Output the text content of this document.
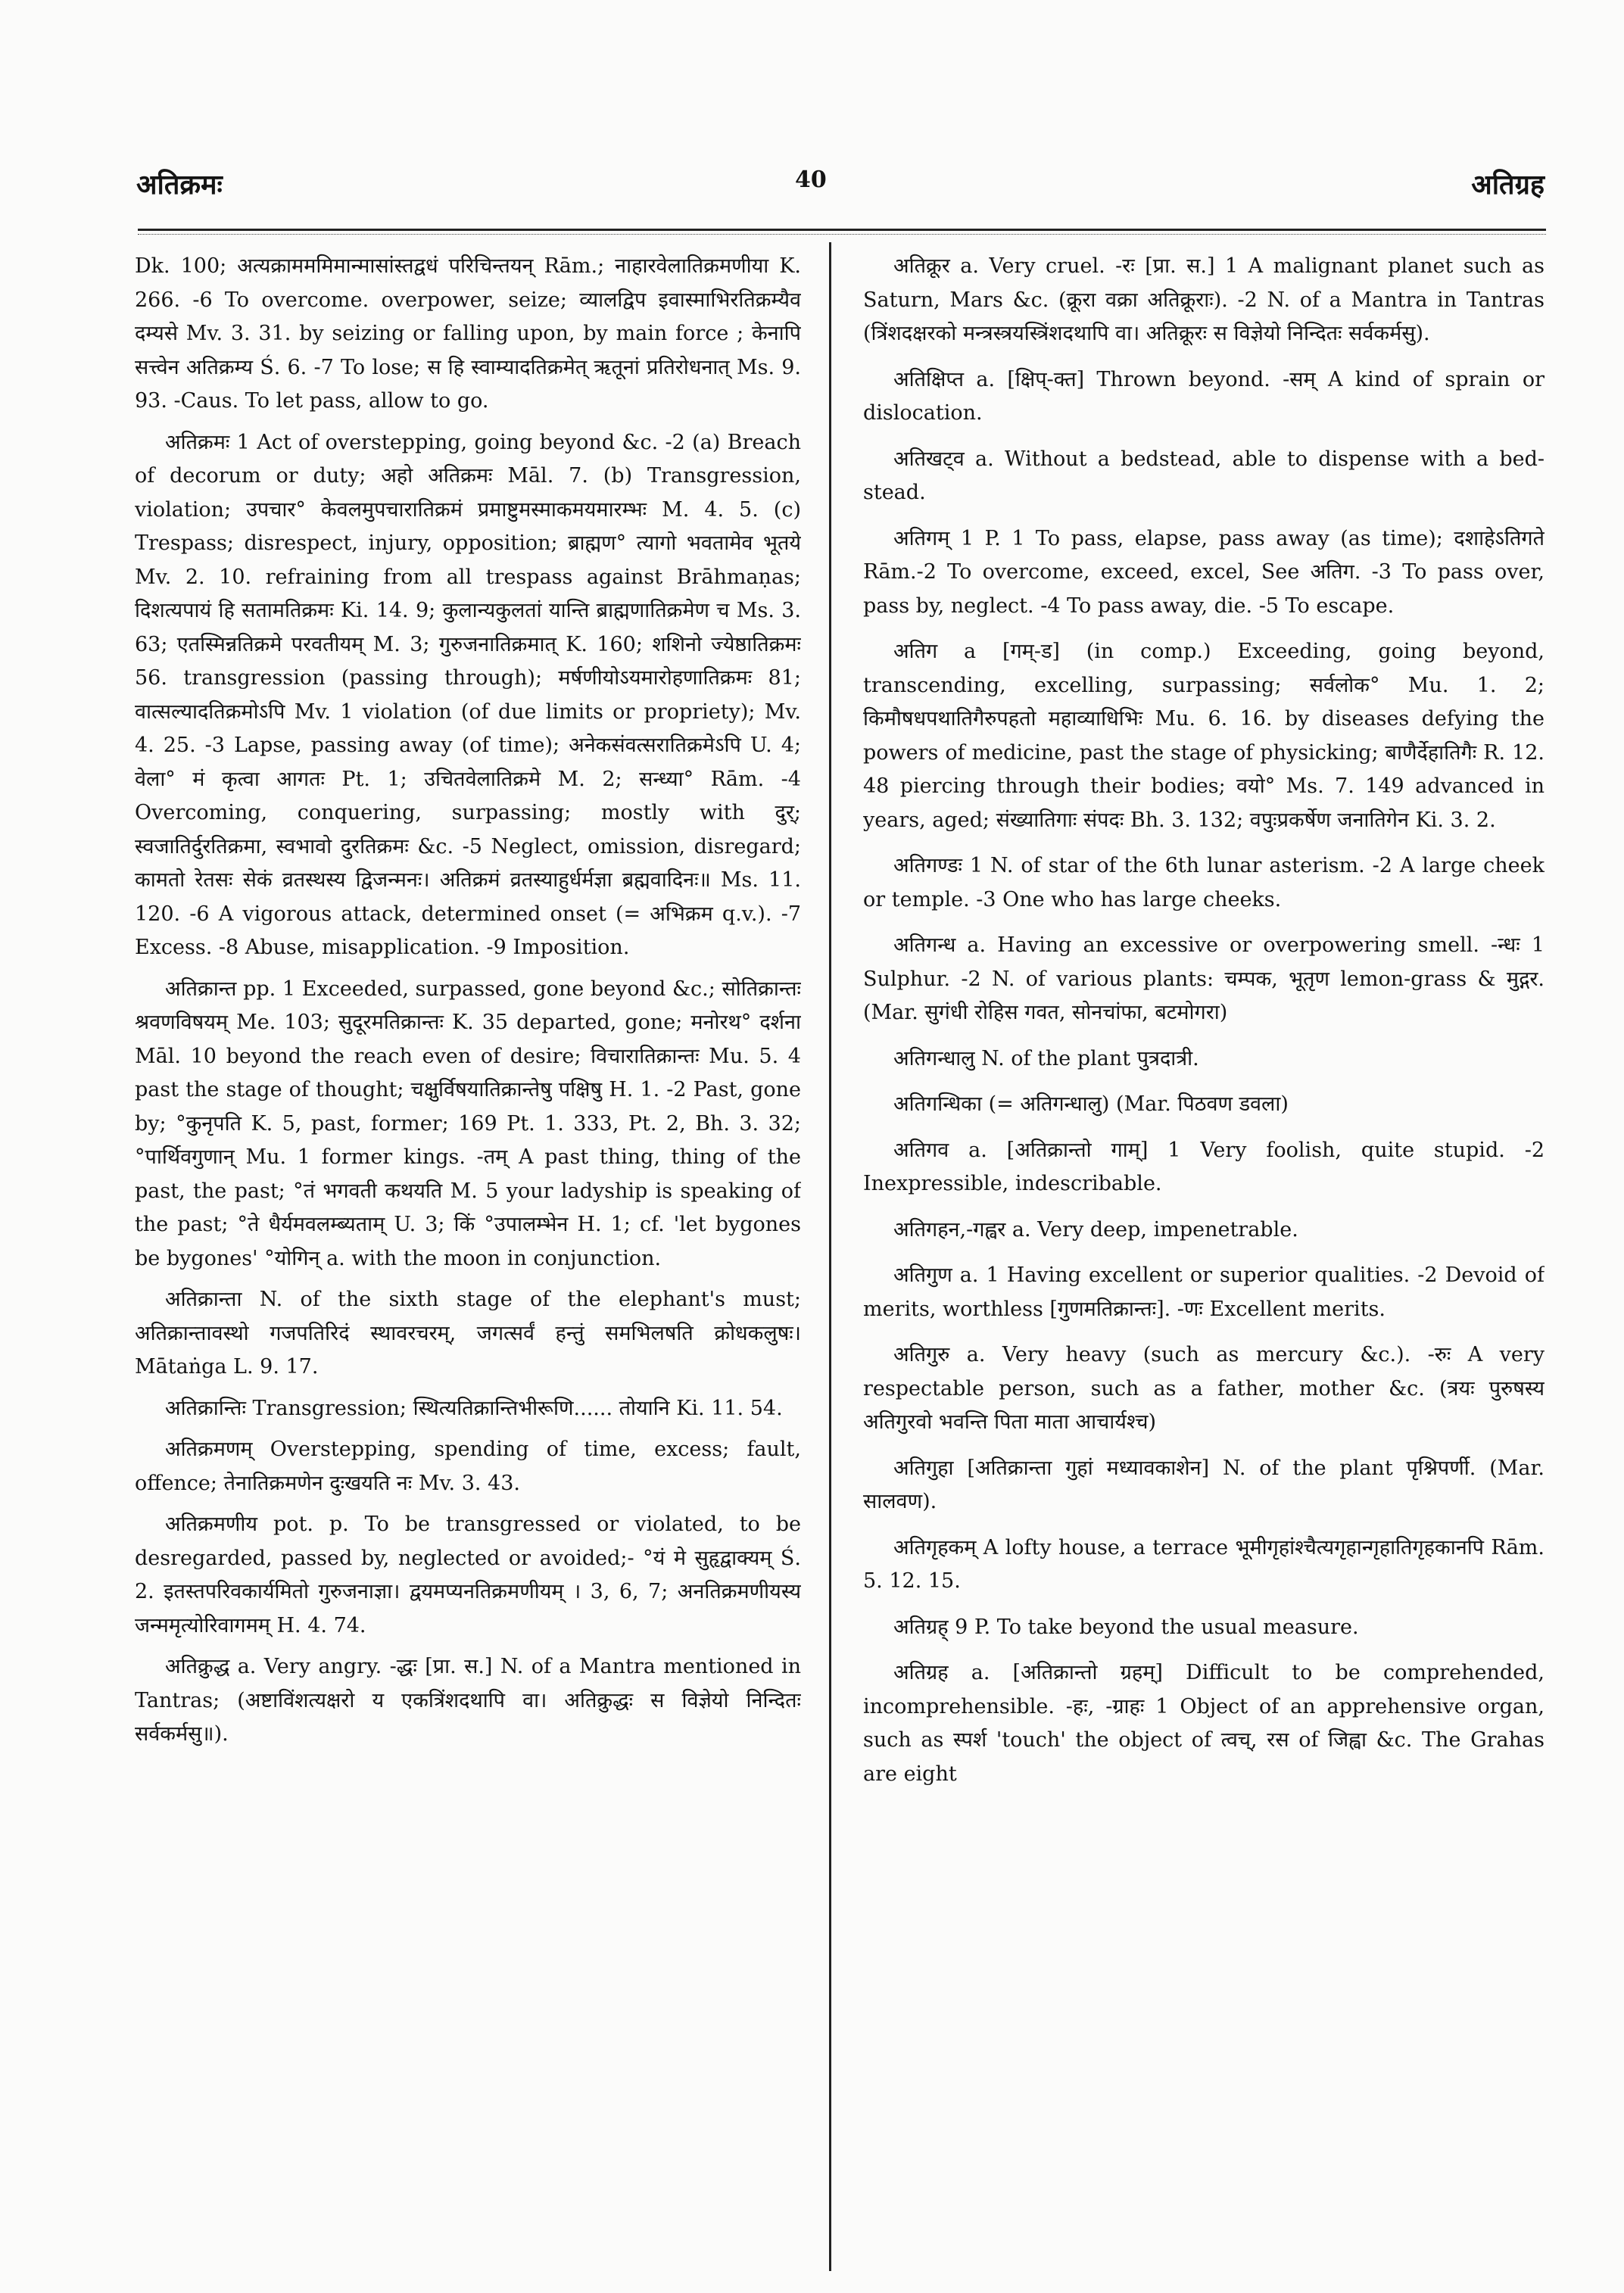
अतिक्रमः	40	अतिग्रह

Dk. 100; अत्यक्रामममिमान्मासांस्तद्वधं परिचिन्तयन् Rām.; नाहारवेलातिक्रमणीया K. 266. -6 To overcome. overpower, seize; व्यालद्विप इवास्माभिरतिक्रम्यैव दम्यसे Mv. 3. 31. by seizing or falling upon, by main force ; केनापि सत्त्वेन अतिक्रम्य Ś. 6. -7 To lose; स हि स्वाम्यादतिक्रमेत् ऋतूनां प्रतिरोधनात् Ms. 9. 93. -Caus. To let pass, allow to go.

अतिक्रमः 1 Act of overstepping, going beyond &c. -2 (a) Breach of decorum or duty; अहो अतिक्रमः Māl. 7. (b) Transgression, violation; उपचार° केवलमुपचारातिक्रमं प्रमाष्टुमस्माकमयमारम्भः M. 4. 5. (c) Trespass; disrespect, injury, opposition; ब्राह्मण° त्यागो भवतामेव भूतये Mv. 2. 10. refraining from all trespass against Brāhmaṇas; दिशत्यपायं हि सतामतिक्रमः Ki. 14. 9; कुलान्यकुलतां यान्ति ब्राह्मणातिक्रमेण च Ms. 3. 63; एतस्मिन्नतिक्रमे परवतीयम् M. 3; गुरुजनातिक्रमात् K. 160; शशिनो ज्येष्ठातिक्रमः 56. transgression (passing through); मर्षणीयोऽयमारोहणातिक्रमः 81; वात्सल्यादतिक्रमोऽपि Mv. 1 violation (of due limits or propriety); Mv. 4. 25. -3 Lapse, passing away (of time); अनेकसंवत्सरातिक्रमेऽपि U. 4; वेला° मं कृत्वा आगतः Pt. 1; उचितवेलातिक्रमे M. 2; सन्ध्या° Rām. -4 Overcoming, conquering, surpassing; mostly with दुर्; स्वजातिर्दुरतिक्रमा, स्वभावो दुरतिक्रमः &c. -5 Neglect, omission, disregard; कामतो रेतसः सेकं व्रतस्थस्य द्विजन्मनः। अतिक्रमं व्रतस्याहुर्धर्मज्ञा ब्रह्मवादिनः॥ Ms. 11. 120. -6 A vigorous attack, determined onset (= अभिक्रम q.v.). -7 Excess. -8 Abuse, misapplication. -9 Imposition.

अतिक्रान्त pp. 1 Exceeded, surpassed, gone beyond &c.; सोतिक्रान्तः श्रवणविषयम् Me. 103; सुदूरमतिक्रान्तः K. 35 departed, gone; मनोरथ° दर्शना Māl. 10 beyond the reach even of desire; विचारातिक्रान्तः Mu. 5. 4 past the stage of thought; चक्षुर्विषयातिक्रान्तेषु पक्षिषु H. 1. -2 Past, gone by; °कुनृपति K. 5, past, former; 169 Pt. 1. 333, Pt. 2, Bh. 3. 32; °पार्थिवगुणान् Mu. 1 former kings. -तम् A past thing, thing of the past, the past; °तं भगवती कथयति M. 5 your ladyship is speaking of the past; °ते धैर्यमवलम्ब्यताम् U. 3; किं °उपालम्भेन H. 1; cf. 'let bygones be bygones' °योगिन् a. with the moon in conjunction.

अतिक्रान्ता N. of the sixth stage of the elephant's must; अतिक्रान्तावस्थो गजपतिरिदं स्थावरचरम्, जगत्सर्वं हन्तुं समभिलषति क्रोधकलुषः। Mātaṅga L. 9. 17.

अतिक्रान्तिः Transgression; स्थित्यतिक्रान्तिभीरूणि...... तोयानि Ki. 11. 54.

अतिक्रमणम् Overstepping, spending of time, excess; fault, offence; तेनातिक्रमणेन दुःखयति नः Mv. 3. 43.

अतिक्रमणीय pot. p. To be transgressed or violated, to be desregarded, passed by, neglected or avoided;- °यं मे सुहृद्वाक्यम् Ś. 2. इतस्तपरिवकार्यमितो गुरुजनाज्ञा। द्वयमप्यनतिक्रमणीयम् । 3, 6, 7; अनतिक्रमणीयस्य जन्ममृत्योरिवागमम् H. 4. 74.

अतिक्रुद्ध a. Very angry. -द्धः [प्रा. स.] N. of a Mantra mentioned in Tantras; (अष्टाविंशत्यक्षरो य एकत्रिंशदथापि वा। अतिक्रुद्धः स विज्ञेयो निन्दितः सर्वकर्मसु॥).

अतिक्रूर a. Very cruel. -रः [प्रा. स.] 1 A malignant planet such as Saturn, Mars &c. (क्रूरा वक्रा अतिक्रूराः). -2 N. of a Mantra in Tantras (त्रिंशदक्षरको मन्त्रस्त्रयस्त्रिंशदथापि वा। अतिक्रूरः स विज्ञेयो निन्दितः सर्वकर्मसु).

अतिक्षिप्त a. [क्षिप्-क्त] Thrown beyond. -सम् A kind of sprain or dislocation.

अतिखट्व a. Without a bedstead, able to dispense with a bed-stead.

अतिगम् 1 P. 1 To pass, elapse, pass away (as time); दशाहेऽतिगते Rām.-2 To overcome, exceed, excel, See अतिग. -3 To pass over, pass by, neglect. -4 To pass away, die. -5 To escape.

अतिग a [गम्-ड] (in comp.) Exceeding, going beyond, transcending, excelling, surpassing; सर्वलोक° Mu. 1. 2; किमौषधपथातिगैरुपहतो महाव्याधिभिः Mu. 6. 16. by diseases defying the powers of medicine, past the stage of physicking; बाणैर्देहातिगैः R. 12. 48 piercing through their bodies; वयो° Ms. 7. 149 advanced in years, aged; संख्यातिगाः संपदः Bh. 3. 132; वपुःप्रकर्षेण जनातिगेन Ki. 3. 2.

अतिगण्डः 1 N. of star of the 6th lunar asterism. -2 A large cheek or temple. -3 One who has large cheeks.

अतिगन्ध a. Having an excessive or overpowering smell. -न्धः 1 Sulphur. -2 N. of various plants: चम्पक, भूतृण lemon-grass & मुद्गर. (Mar. सुगंधी रोहिस गवत, सोनचांफा, बटमोगरा)

अतिगन्धालु N. of the plant पुत्रदात्री.

अतिगन्धिका (= अतिगन्धालु) (Mar. पिठवण डवला)

अतिगव a. [अतिक्रान्तो गाम्] 1 Very foolish, quite stupid. -2 Inexpressible, indescribable.

अतिगहन,-गह्वर a. Very deep, impenetrable.

अतिगुण a. 1 Having excellent or superior qualities. -2 Devoid of merits, worthless [गुणमतिक्रान्तः]. -णः Excellent merits.

अतिगुरु a. Very heavy (such as mercury &c.). -रुः A very respectable person, such as a father, mother &c. (त्रयः पुरुषस्य अतिगुरवो भवन्ति पिता माता आचार्यश्च)

अतिगुहा [अतिक्रान्ता गुहां मध्यावकाशेन] N. of the plant पृश्निपर्णी. (Mar. सालवण).

अतिगृहकम् A lofty house, a terrace भूमीगृहांश्चैत्यगृहान्गृहातिगृहकानपि Rām. 5. 12. 15.

अतिग्रह् 9 P. To take beyond the usual measure.

अतिग्रह a. [अतिक्रान्तो ग्रहम्] Difficult to be comprehended, incomprehensible. -हः, -ग्राहः 1 Object of an apprehensive organ, such as स्पर्श 'touch' the object of त्वच्, रस of जिह्वा &c. The Grahas are eight
